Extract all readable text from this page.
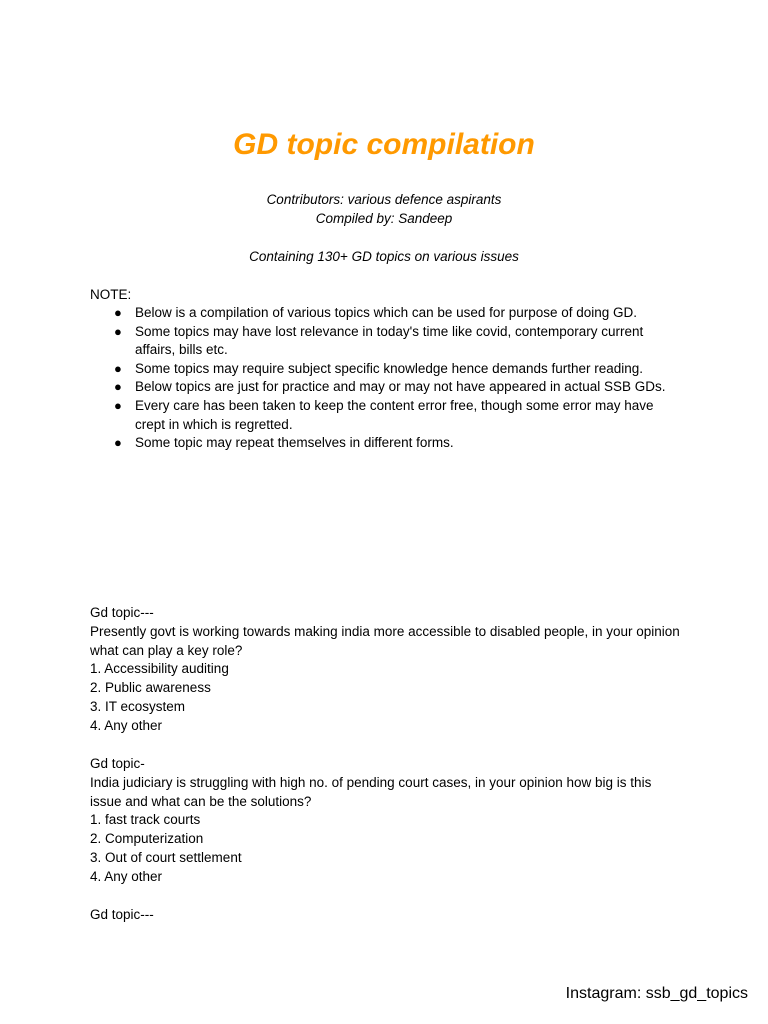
GD topic compilation
Contributors: various defence aspirants
Compiled by: Sandeep
Containing 130+ GD topics on various issues
NOTE:
● Below is a compilation of various topics which can be used for purpose of doing GD.
● Some topics may have lost relevance in today's time like covid, contemporary current affairs, bills etc.
● Some topics may require subject specific knowledge hence demands further reading.
● Below topics are just for practice and may or may not have appeared in actual SSB GDs.
● Every care has been taken to keep the content error free, though some error may have crept in which is regretted.
● Some topic may repeat themselves in different forms.
Gd topic---
Presently govt is working towards making india more accessible to disabled people, in your opinion what can play a key role?
1. Accessibility auditing
2. Public awareness
3. IT ecosystem
4. Any other
Gd topic-
India judiciary is struggling with high no. of pending court cases, in your opinion how big is this issue and what can be the solutions?
1. fast track courts
2. Computerization
3. Out of court settlement
4. Any other
Gd topic---
Instagram: ssb_gd_topics
